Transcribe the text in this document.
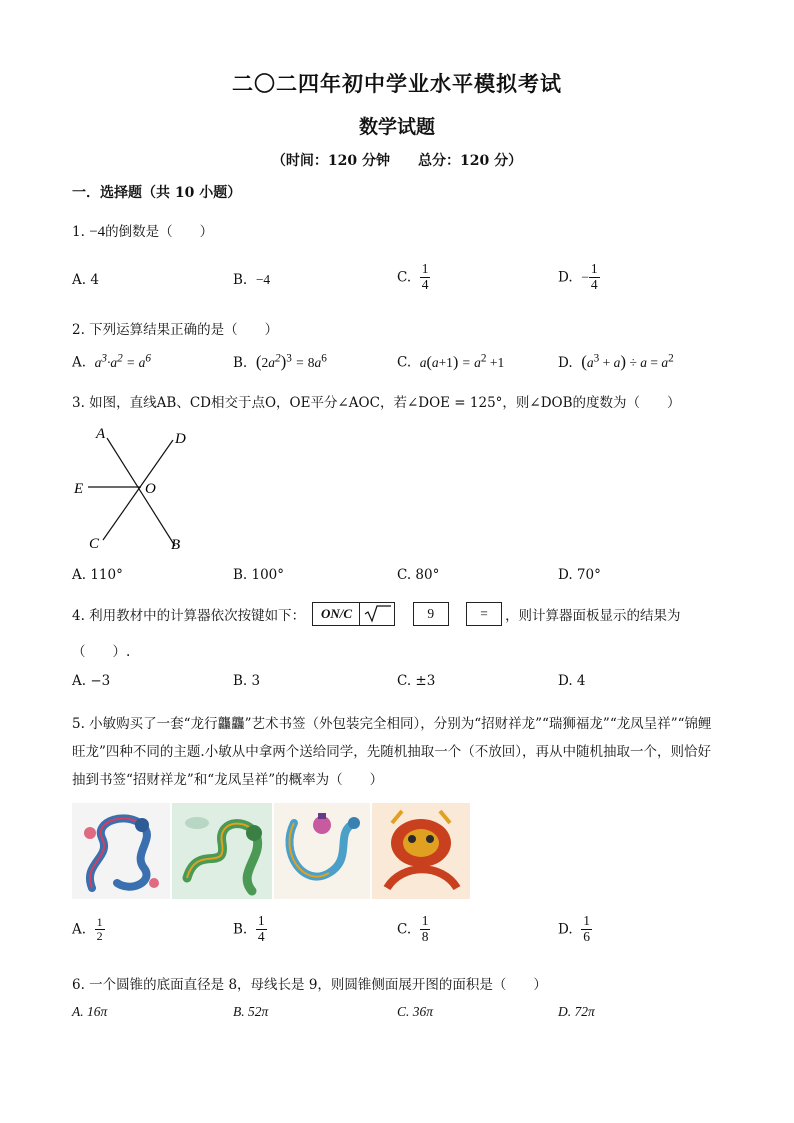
二〇二四年初中学业水平模拟考试
数学试题
（时间：120 分钟　　总分：120 分）
一．选择题（共 10 小题）
1. −4的倒数是（　　）
A. 4	B. −4	C. $\frac{1}{4}$	D. − $\frac{1}{4}$
2. 下列运算结果正确的是（　　）
A. $a^3\cdot a^2 = a^6$	B. $(2a^2)^3 = 8a^6$	C. $a(a+1) = a^2 +1$	D. $(a^3 + a) \div a = a^2$
3. 如图，直线AB、CD相交于点O，OE平分∠AOC，若∠DOE = 125°，则∠DOB的度数为（　　）
A	D
E	O
C	B
A. 110°	B. 100°	C. 80°	D. 70°
4. 利用教材中的计算器依次按键如下： ON/C	9	= ，则计算器面板显示的结果为
（　　）.
A. −3	B. 3	C. ±3	D. 4
5. 小敏购买了一套“龙行龘龘”艺术书签（外包装完全相同），分别为“招财祥龙”“瑞狮福龙”“龙凤呈祥”“锦鲤旺龙”四种不同的主题.小敏从中拿两个送给同学，先随机抽取一个（不放回），再从中随机抽取一个，则恰好抽到书签“招财祥龙”和“龙凤呈祥”的概率为（　　）
A. $\frac{1}{2}$	B. $\frac{1}{4}$	C. $\frac{1}{8}$	D. $\frac{1}{6}$
6. 一个圆锥的底面直径是 8，母线长是 9，则圆锥侧面展开图的面积是（　　）
A. 16π	B. 52π	C. 36π	D. 72π
